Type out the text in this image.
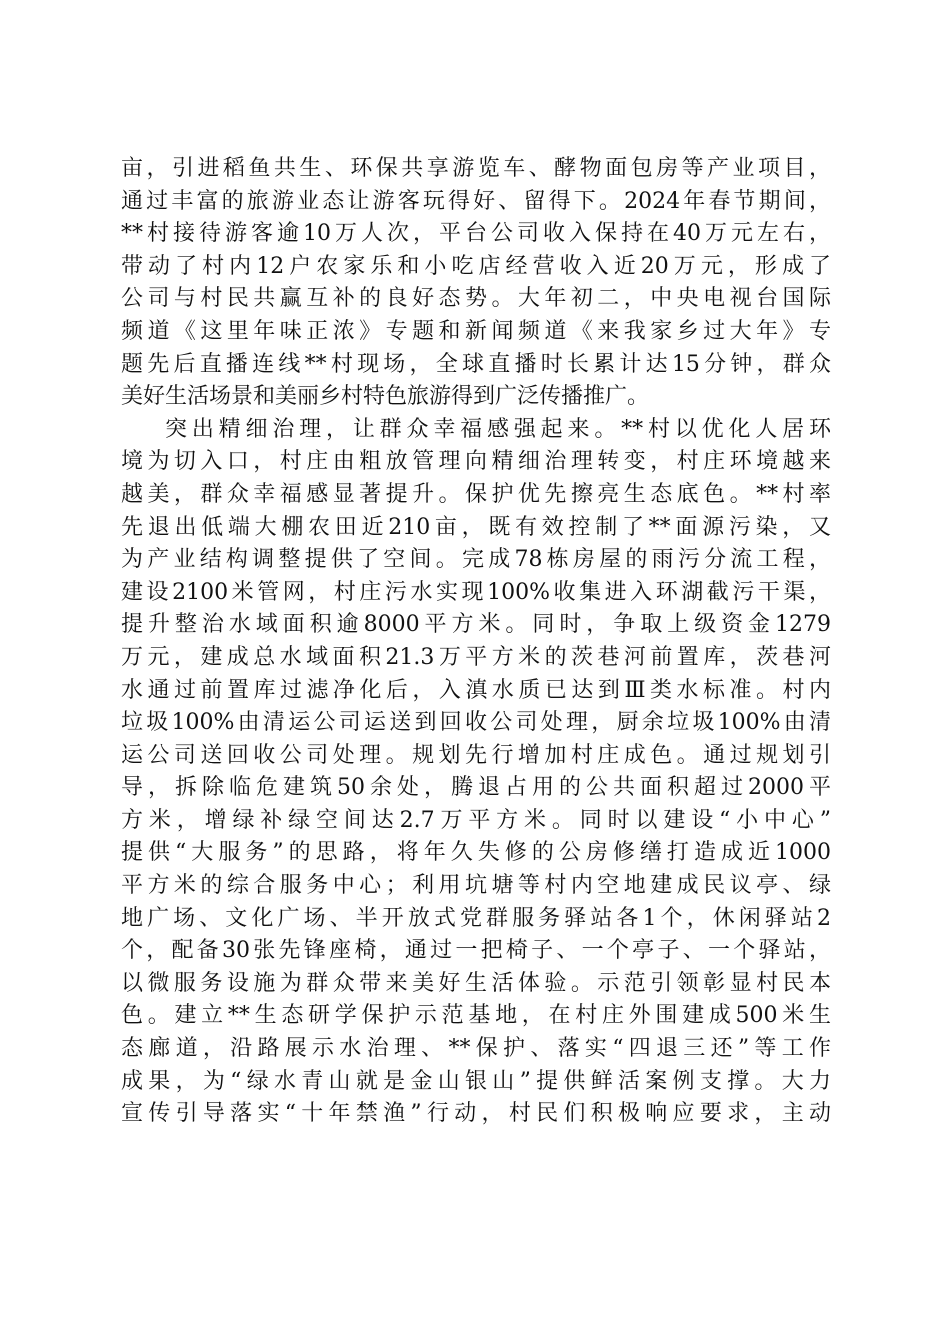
亩，引进稻鱼共生、环保共享游览车、酵物面包房等产业项目，
通过丰富的旅游业态让游客玩得好、留得下。2024年春节期间，
**村接待游客逾10万人次，平台公司收入保持在40万元左右，
带动了村内12户农家乐和小吃店经营收入近20万元，形成了
公司与村民共赢互补的良好态势。大年初二，中央电视台国际
频道《这里年味正浓》专题和新闻频道《来我家乡过大年》专
题先后直播连线**村现场，全球直播时长累计达15分钟，群众
美好生活场景和美丽乡村特色旅游得到广泛传播推广。
突出精细治理，让群众幸福感强起来。**村以优化人居环
境为切入口，村庄由粗放管理向精细治理转变，村庄环境越来
越美，群众幸福感显著提升。保护优先擦亮生态底色。**村率
先退出低端大棚农田近210亩，既有效控制了**面源污染，又
为产业结构调整提供了空间。完成78栋房屋的雨污分流工程，
建设2100米管网，村庄污水实现100%收集进入环湖截污干渠，
提升整治水域面积逾8000平方米。同时，争取上级资金1279
万元，建成总水域面积21.3万平方米的茨巷河前置库，茨巷河
水通过前置库过滤净化后，入滇水质已达到Ⅲ类水标准。村内
垃圾100%由清运公司运送到回收公司处理，厨余垃圾100%由清
运公司送回收公司处理。规划先行增加村庄成色。通过规划引
导，拆除临危建筑50余处，腾退占用的公共面积超过2000平
方米，增绿补绿空间达2.7万平方米。同时以建设“小中心”
提供“大服务”的思路，将年久失修的公房修缮打造成近1000
平方米的综合服务中心；利用坑塘等村内空地建成民议亭、绿
地广场、文化广场、半开放式党群服务驿站各1个，休闲驿站2
个，配备30张先锋座椅，通过一把椅子、一个亭子、一个驿站，
以微服务设施为群众带来美好生活体验。示范引领彰显村民本
色。建立**生态研学保护示范基地，在村庄外围建成500米生
态廊道，沿路展示水治理、**保护、落实“四退三还”等工作
成果，为“绿水青山就是金山银山”提供鲜活案例支撑。大力
宣传引导落实“十年禁渔”行动，村民们积极响应要求，主动
